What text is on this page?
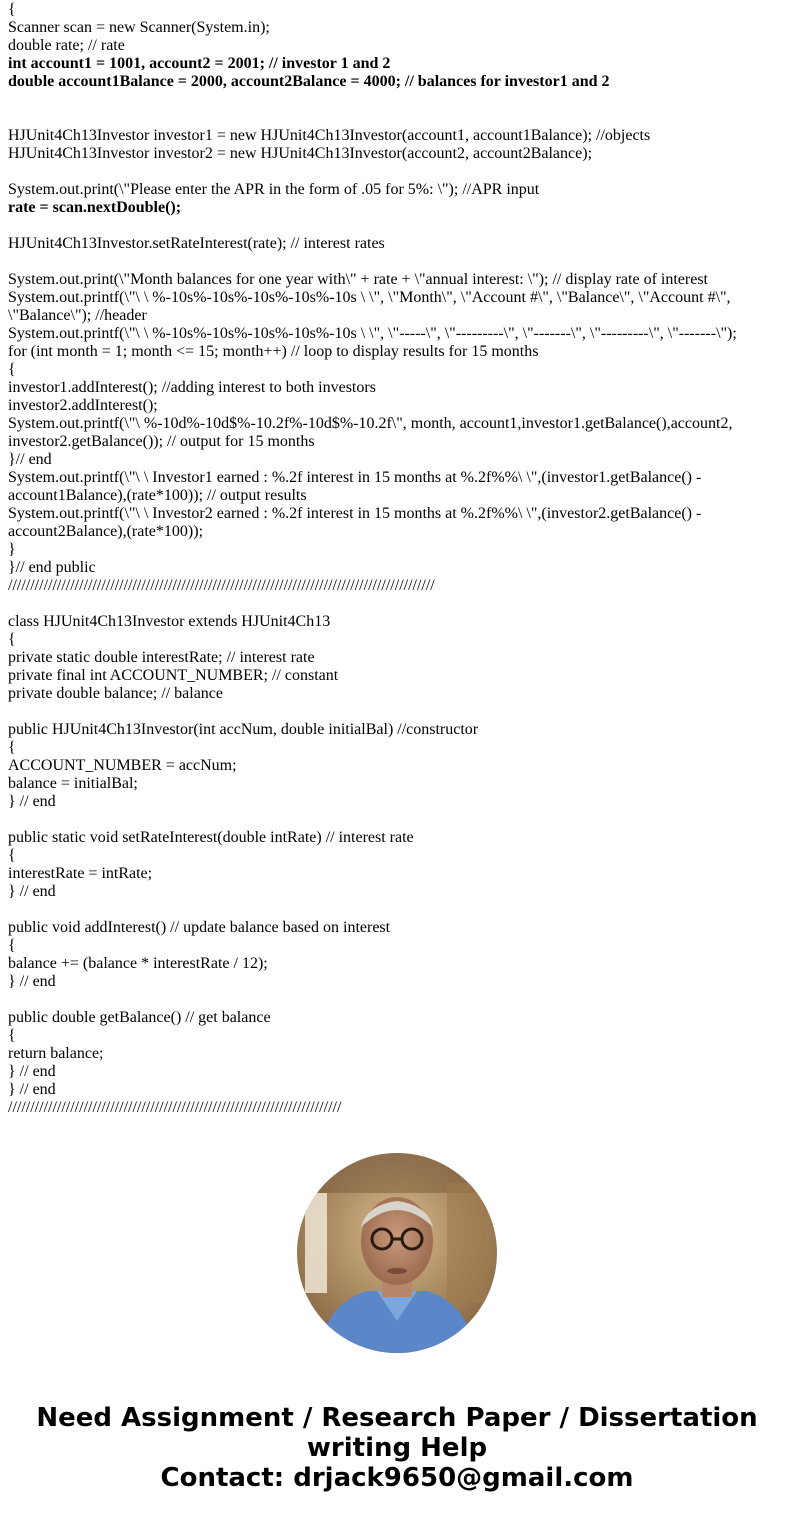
{
Scanner scan = new Scanner(System.in);
double rate; // rate
int account1 = 1001, account2 = 2001; // investor 1 and 2
double account1Balance = 2000, account2Balance = 4000; // balances for investor1 and 2
HJUnit4Ch13Investor investor1 = new HJUnit4Ch13Investor(account1, account1Balance); //objects
HJUnit4Ch13Investor investor2 = new HJUnit4Ch13Investor(account2, account2Balance);
System.out.print(\"Please enter the APR in the form of .05 for 5%: \"); //APR input
rate = scan.nextDouble();
HJUnit4Ch13Investor.setRateInterest(rate); // interest rates
System.out.print(\"Month balances for one year with\" + rate + \"annual interest: \"); // display rate of interest
System.out.printf(\"\ \ %-10s%-10s%-10s%-10s%-10s \ \", \"Month\", \"Account #\", \"Balance\", \"Account #\", \"Balance\"); //header
System.out.printf(\"\ \ %-10s%-10s%-10s%-10s%-10s \ \", \"-----\", \"---------\", \"-------\", \"---------\", \"-------\");
for (int month = 1; month <= 15; month++) // loop to display results for 15 months
{
investor1.addInterest(); //adding interest to both investors
investor2.addInterest();
System.out.printf(\"\ %-10d%-10d$%-10.2f%-10d$%-10.2f\", month, account1,investor1.getBalance(),account2, investor2.getBalance()); // output for 15 months
}// end
System.out.printf(\"\ \ Investor1 earned : %.2f interest in 15 months at %.2f%%\ \",(investor1.getBalance() - account1Balance),(rate*100)); // output results
System.out.printf(\"\ \ Investor2 earned : %.2f interest in 15 months at %.2f%%\ \",(investor2.getBalance() - account2Balance),(rate*100));
}
}// end public
////////////////////////////////////////////////////////////////////////////////////////////////
class HJUnit4Ch13Investor extends HJUnit4Ch13
{
private static double interestRate; // interest rate
private final int ACCOUNT_NUMBER; // constant
private double balance; // balance
public HJUnit4Ch13Investor(int accNum, double initialBal) //constructor
{
ACCOUNT_NUMBER = accNum;
balance = initialBal;
} // end
public static void setRateInterest(double intRate) // interest rate
{
interestRate = intRate;
} // end
public void addInterest() // update balance based on interest
{
balance += (balance * interestRate / 12);
} // end
public double getBalance() // get balance
{
return balance;
} // end
} // end
///////////////////////////////////////////////////////////////////////////
Need Assignment / Research Paper / Dissertation
writing Help
Contact: drjack9650@gmail.com
